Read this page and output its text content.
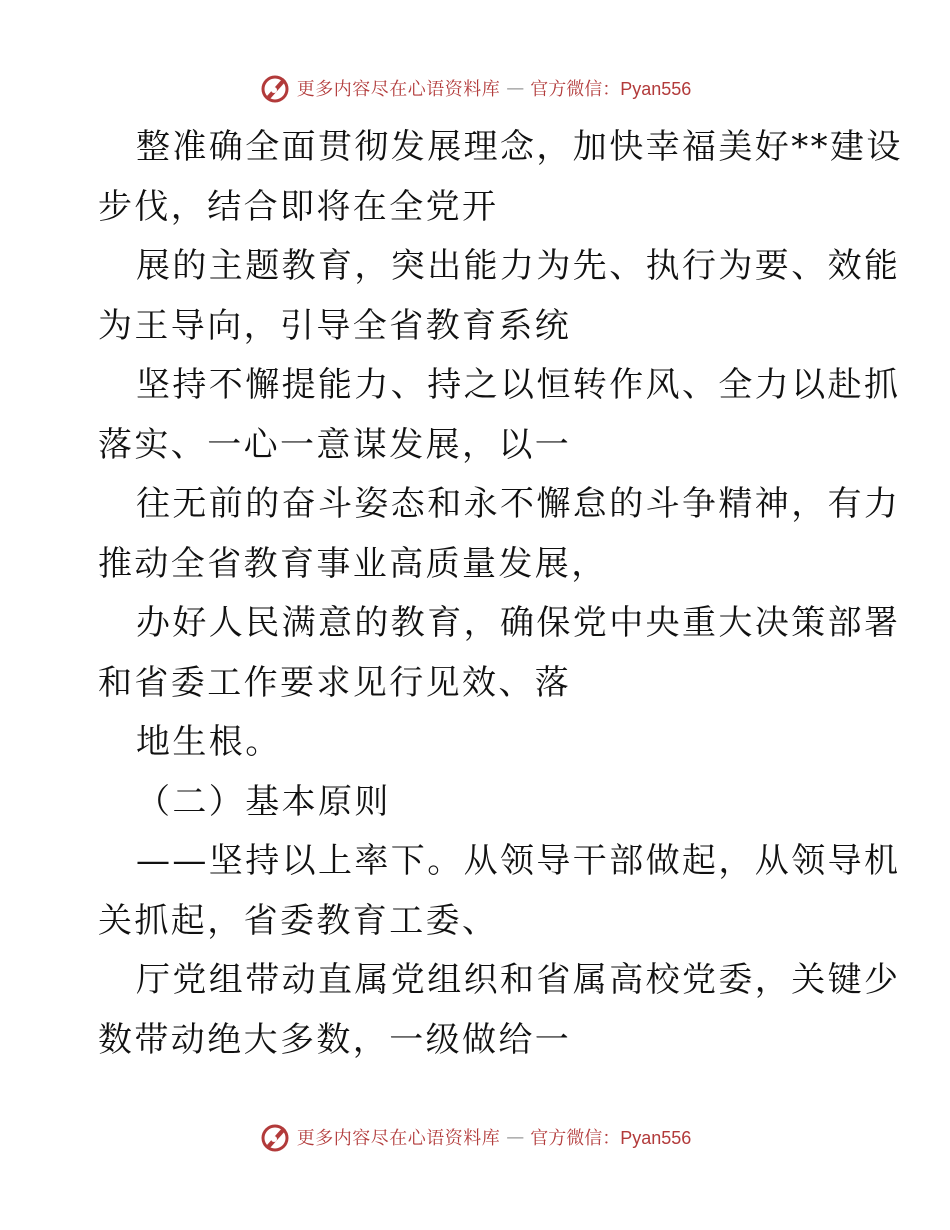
更多内容尽在心语资料库 — 官方微信：Pyan556
整准确全面贯彻发展理念，加快幸福美好**建设
步伐，结合即将在全党开
展的主题教育，突出能力为先、执行为要、效能
为王导向，引导全省教育系统
坚持不懈提能力、持之以恒转作风、全力以赴抓
落实、一心一意谋发展，以一
往无前的奋斗姿态和永不懈怠的斗争精神，有力
推动全省教育事业高质量发展，
办好人民满意的教育，确保党中央重大决策部署
和省委工作要求见行见效、落
地生根。
（二）基本原则
——坚持以上率下。从领导干部做起，从领导机
关抓起，省委教育工委、
厅党组带动直属党组织和省属高校党委，关键少
数带动绝大多数，一级做给一
更多内容尽在心语资料库 — 官方微信：Pyan556
